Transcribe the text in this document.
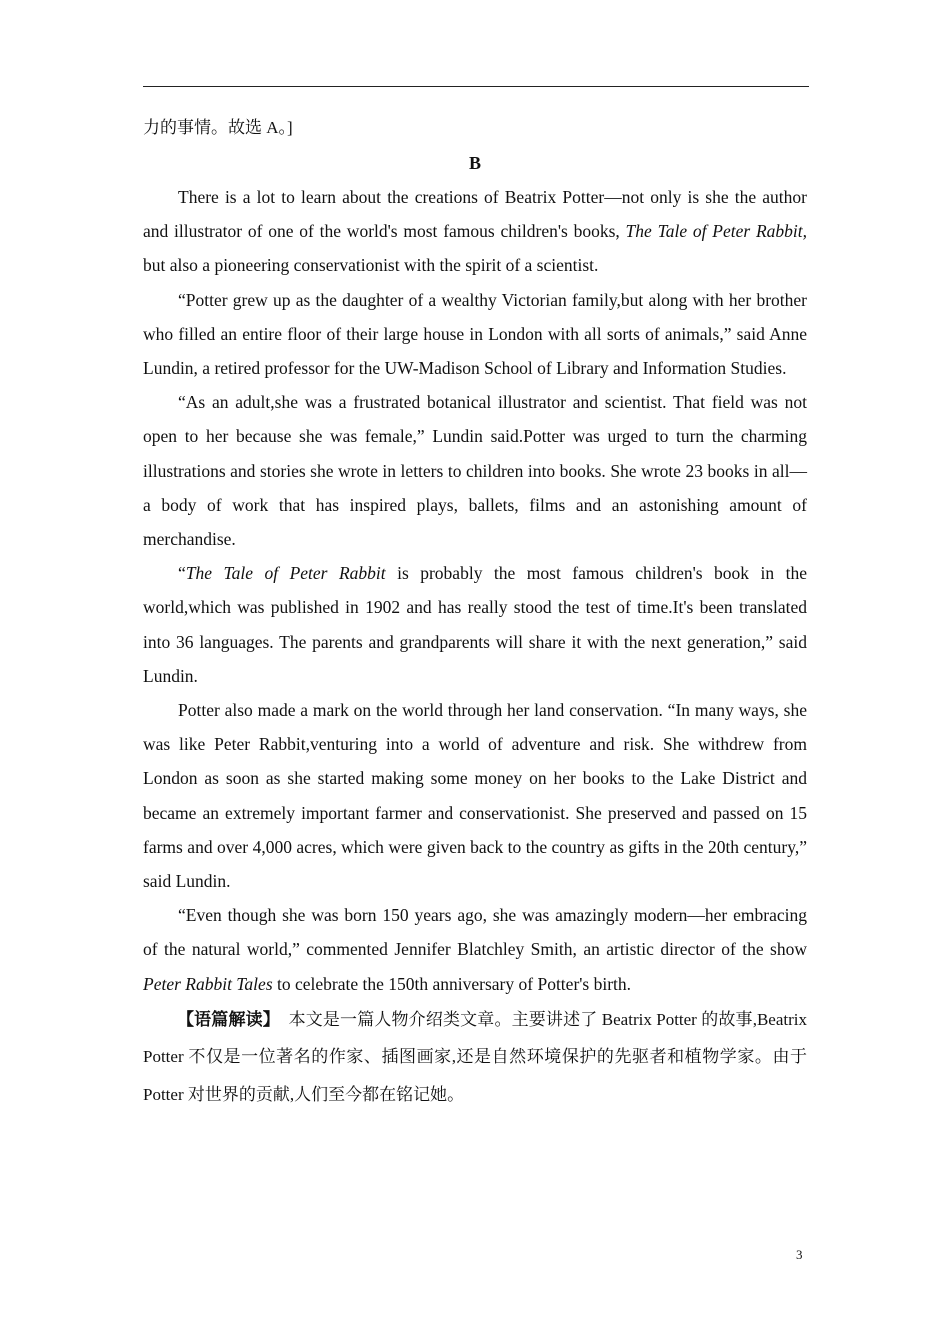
力的事情。故选 A。]

B

There is a lot to learn about the creations of Beatrix Potter—not only is she the author and illustrator of one of the world's most famous children's books, The Tale of Peter Rabbit, but also a pioneering conservationist with the spirit of a scientist.

“Potter grew up as the daughter of a wealthy Victorian family,but along with her brother who filled an entire floor of their large house in London with all sorts of animals,” said Anne Lundin, a retired professor for the UW-Madison School of Library and Information Studies.

“As an adult,she was a frustrated botanical illustrator and scientist. That field was not open to her because she was female,” Lundin said.Potter was urged to turn the charming illustrations and stories she wrote in letters to children into books. She wrote 23 books in all—a body of work that has inspired plays, ballets, films and an astonishing amount of merchandise.

“The Tale of Peter Rabbit is probably the most famous children's book in the world,which was published in 1902 and has really stood the test of time.It's been translated into 36 languages. The parents and grandparents will share it with the next generation,” said Lundin.

Potter also made a mark on the world through her land conservation. “In many ways, she was like Peter Rabbit,venturing into a world of adventure and risk. She withdrew from London as soon as she started making some money on her books to the Lake District and became an extremely important farmer and conservationist. She preserved and passed on 15 farms and over 4,000 acres, which were given back to the country as gifts in the 20th century,” said Lundin.

“Even though she was born 150 years ago, she was amazingly modern—her embracing of the natural world,” commented Jennifer Blatchley Smith, an artistic director of the show Peter Rabbit Tales to celebrate the 150th anniversary of Potter's birth.

【语篇解读】　 本文是一篇人物介绍类文章。主要讲述了 Beatrix Potter 的故事,Beatrix Potter 不仅是一位著名的作家、插图画家,还是自然环境保护的先驱者和植物学家。由于 Potter 对世界的贡献,人们至今都在铭记她。

3
